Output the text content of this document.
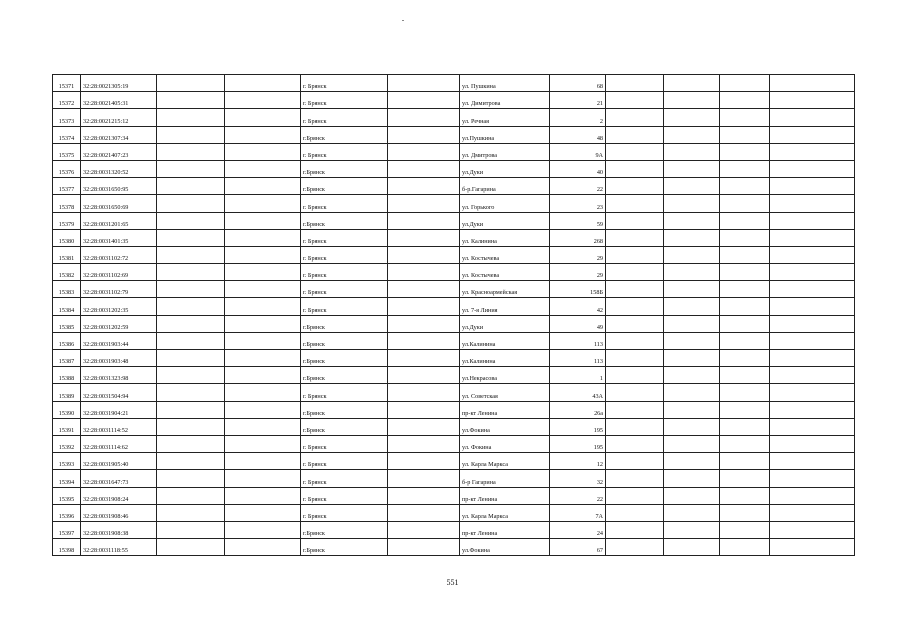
15371	32:28:0021305:19			г. Брянск		ул. Пушкина	68				
15372	32:28:0021405:31			г. Брянск		ул. Димитрова	21				
15373	32:28:0021215:12			г. Брянск		ул. Речная	2				
15374	32:28:0021307:34			г.Брянск		ул.Пушкина	48				
15375	32:28:0021407:23			г. Брянск		ул. Дмитрова	9А				
15376	32:28:0031320:52			г.Брянск		ул.Дуки	40				
15377	32:28:0031650:95			г.Брянск		б-р.Гагарина	22				
15378	32:28:0031650:69			г. Брянск		ул. Горького	23				
15379	32:28:0031201:65			г.Брянск		ул.Дуки	59				
15380	32:28:0031401:35			г. Брянск		ул. Калинина	268				
15381	32:28:0031102:72			г. Брянск		ул. Костычева	29				
15382	32:28:0031102:69			г. Брянск		ул. Костычева	29				
15383	32:28:0031102:79			г. Брянск		ул. Красноармейская	158Б				
15384	32:28:0031202:35			г. Брянск		ул. 7-я Линия	42				
15385	32:28:0031202:59			г.Брянск		ул.Дуки	49				
15386	32:28:0031903:44			г.Брянск		ул.Калинина	113				
15387	32:28:0031903:48			г.Брянск		ул.Калинина	113				
15388	32:28:0031323:98			г.Брянск		ул.Некрасова	1				
15389	32:28:0031504:94			г. Брянск		ул. Советская	43А				
15390	32:28:0031904:21			г.Брянск		пр-кт Ленина	26а				
15391	32:28:0031114:52			г.Брянск		ул.Фокина	195				
15392	32:28:0031114:62			г. Брянск		ул. Фокина	195				
15393	32:28:0031905:40			г. Брянск		ул. Карла Маркса	12				
15394	32:28:0031647:73			г. Брянск		б-р Гагарина	32				
15395	32:28:0031908:24			г. Брянск		пр-кт Ленина	22				
15396	32:28:0031908:46			г. Брянск		ул. Карла Маркса	7А				
15397	32:28:0031908:38			г.Брянск		пр-кт Ленина	24				
15398	32:28:0031118:55			г.Брянск		ул.Фокина	67				
551
